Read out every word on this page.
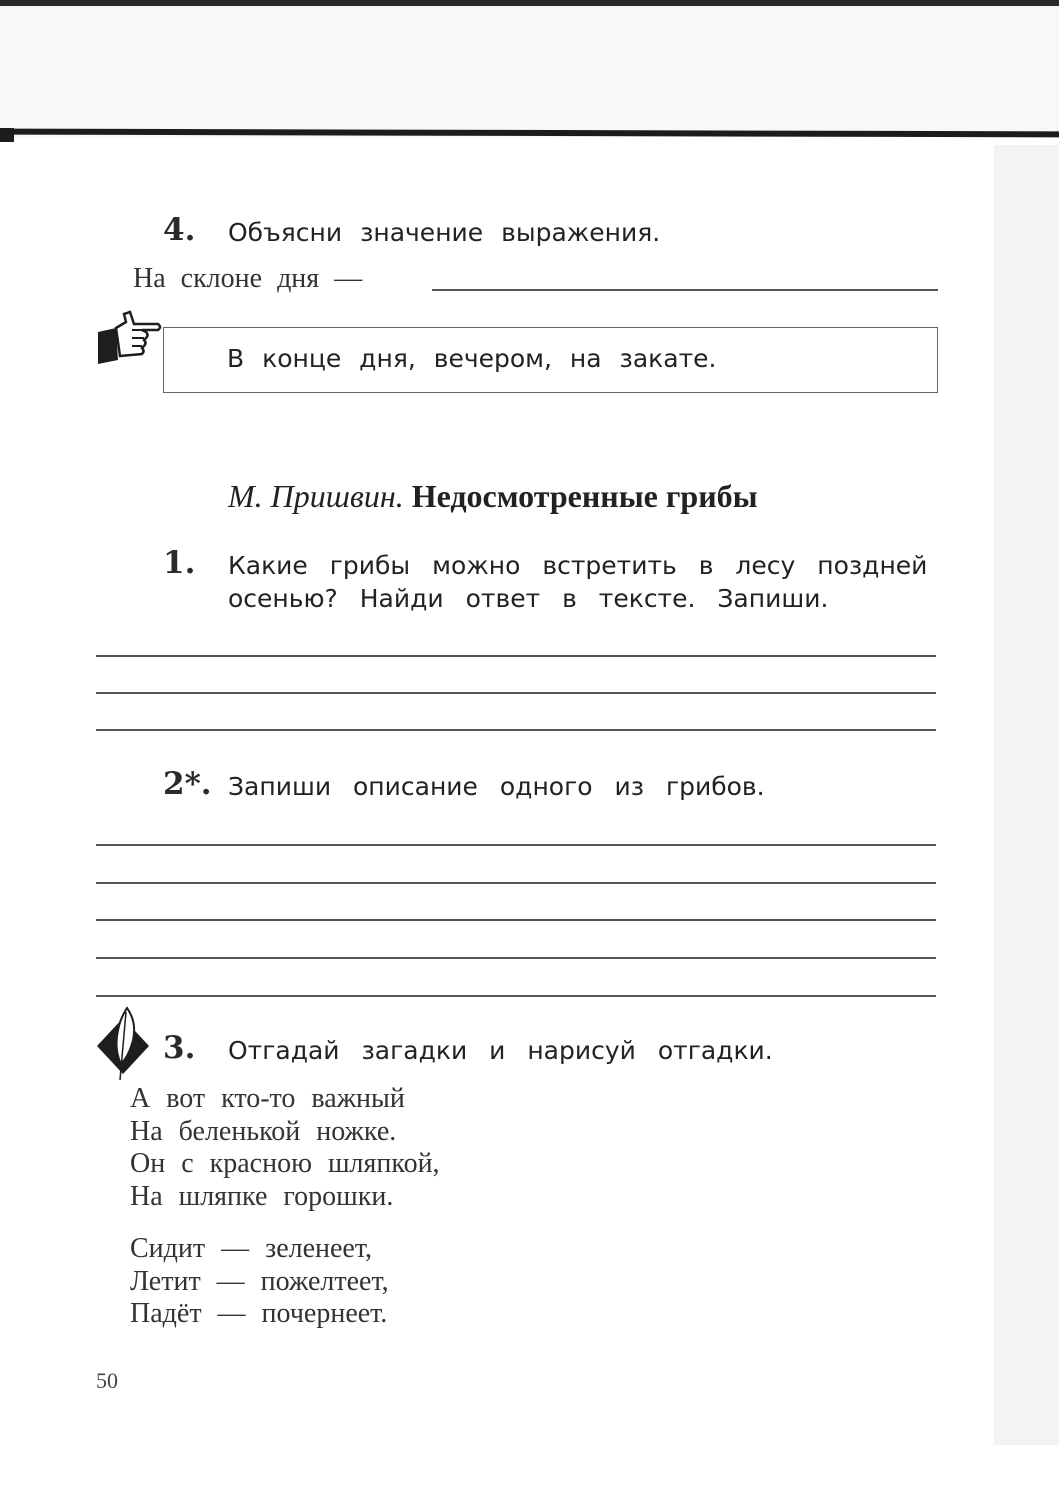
4. Объясни значение выражения.
На склоне дня —
В конце дня, вечером, на закате.
М. Пришвин. Недосмотренные грибы
1. Какие грибы можно встретить в лесу поздней
осенью? Найди ответ в тексте. Запиши.
2*. Запиши описание одного из грибов.
3. Отгадай загадки и нарисуй отгадки.
А вот кто-то важный
На беленькой ножке.
Он с красною шляпкой,
На шляпке горошки.
Сидит — зеленеет,
Летит — пожелтеет,
Падёт — почернеет.
50
